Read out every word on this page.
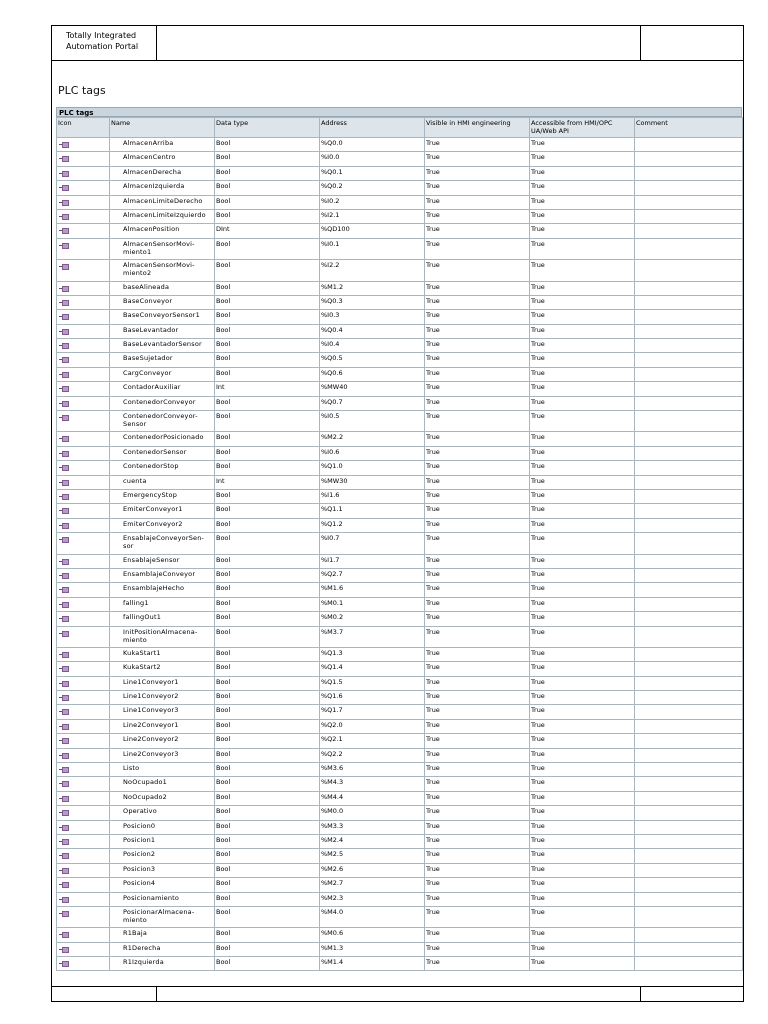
Totally Integrated
Automation Portal
PLC tags
PLC tags
Icon	Name	Data type	Address	Visible in HMI engineering	Accessible from HMI/OPC UA/Web API	Comment
	AlmacenArriba	Bool	%Q0.0	True	True	
	AlmacenCentro	Bool	%I0.0	True	True	
	AlmacenDerecha	Bool	%Q0.1	True	True	
	AlmacenIzquierda	Bool	%Q0.2	True	True	
	AlmacenLimiteDerecho	Bool	%I0.2	True	True	
	AlmacenLimiteIzquierdo	Bool	%I2.1	True	True	
	AlmacenPosition	DInt	%QD100	True	True	
	AlmacenSensorMovi-
miento1	Bool	%I0.1	True	True	
	AlmacenSensorMovi-
miento2	Bool	%I2.2	True	True	
	baseAlineada	Bool	%M1.2	True	True	
	BaseConveyor	Bool	%Q0.3	True	True	
	BaseConveyorSensor1	Bool	%I0.3	True	True	
	BaseLevantador	Bool	%Q0.4	True	True	
	BaseLevantadorSensor	Bool	%I0.4	True	True	
	BaseSujetador	Bool	%Q0.5	True	True	
	CargConveyor	Bool	%Q0.6	True	True	
	ContadorAuxiliar	Int	%MW40	True	True	
	ContenedorConveyor	Bool	%Q0.7	True	True	
	ContenedorConveyor-
Sensor	Bool	%I0.5	True	True	
	ContenedorPosicionado	Bool	%M2.2	True	True	
	ContenedorSensor	Bool	%I0.6	True	True	
	ContenedorStop	Bool	%Q1.0	True	True	
	cuenta	Int	%MW30	True	True	
	EmergencyStop	Bool	%I1.6	True	True	
	EmiterConveyor1	Bool	%Q1.1	True	True	
	EmiterConveyor2	Bool	%Q1.2	True	True	
	EnsablajeConveyorSen-
sor	Bool	%I0.7	True	True	
	EnsablajeSensor	Bool	%I1.7	True	True	
	EnsamblajeConveyor	Bool	%Q2.7	True	True	
	EnsamblajeHecho	Bool	%M1.6	True	True	
	falling1	Bool	%M0.1	True	True	
	fallingOut1	Bool	%M0.2	True	True	
	InitPositionAlmacena-
miento	Bool	%M3.7	True	True	
	KukaStart1	Bool	%Q1.3	True	True	
	KukaStart2	Bool	%Q1.4	True	True	
	Line1Conveyor1	Bool	%Q1.5	True	True	
	Line1Conveyor2	Bool	%Q1.6	True	True	
	Line1Conveyor3	Bool	%Q1.7	True	True	
	Line2Conveyor1	Bool	%Q2.0	True	True	
	Line2Conveyor2	Bool	%Q2.1	True	True	
	Line2Conveyor3	Bool	%Q2.2	True	True	
	Listo	Bool	%M3.6	True	True	
	NoOcupado1	Bool	%M4.3	True	True	
	NoOcupado2	Bool	%M4.4	True	True	
	Operativo	Bool	%M0.0	True	True	
	Posicion0	Bool	%M3.3	True	True	
	Posicion1	Bool	%M2.4	True	True	
	Posicion2	Bool	%M2.5	True	True	
	Posicion3	Bool	%M2.6	True	True	
	Posicion4	Bool	%M2.7	True	True	
	Posicionamiento	Bool	%M2.3	True	True	
	PosicionarAlmacena-
miento	Bool	%M4.0	True	True	
	R1Baja	Bool	%M0.6	True	True	
	R1Derecha	Bool	%M1.3	True	True	
	R1Izquierda	Bool	%M1.4	True	True	
